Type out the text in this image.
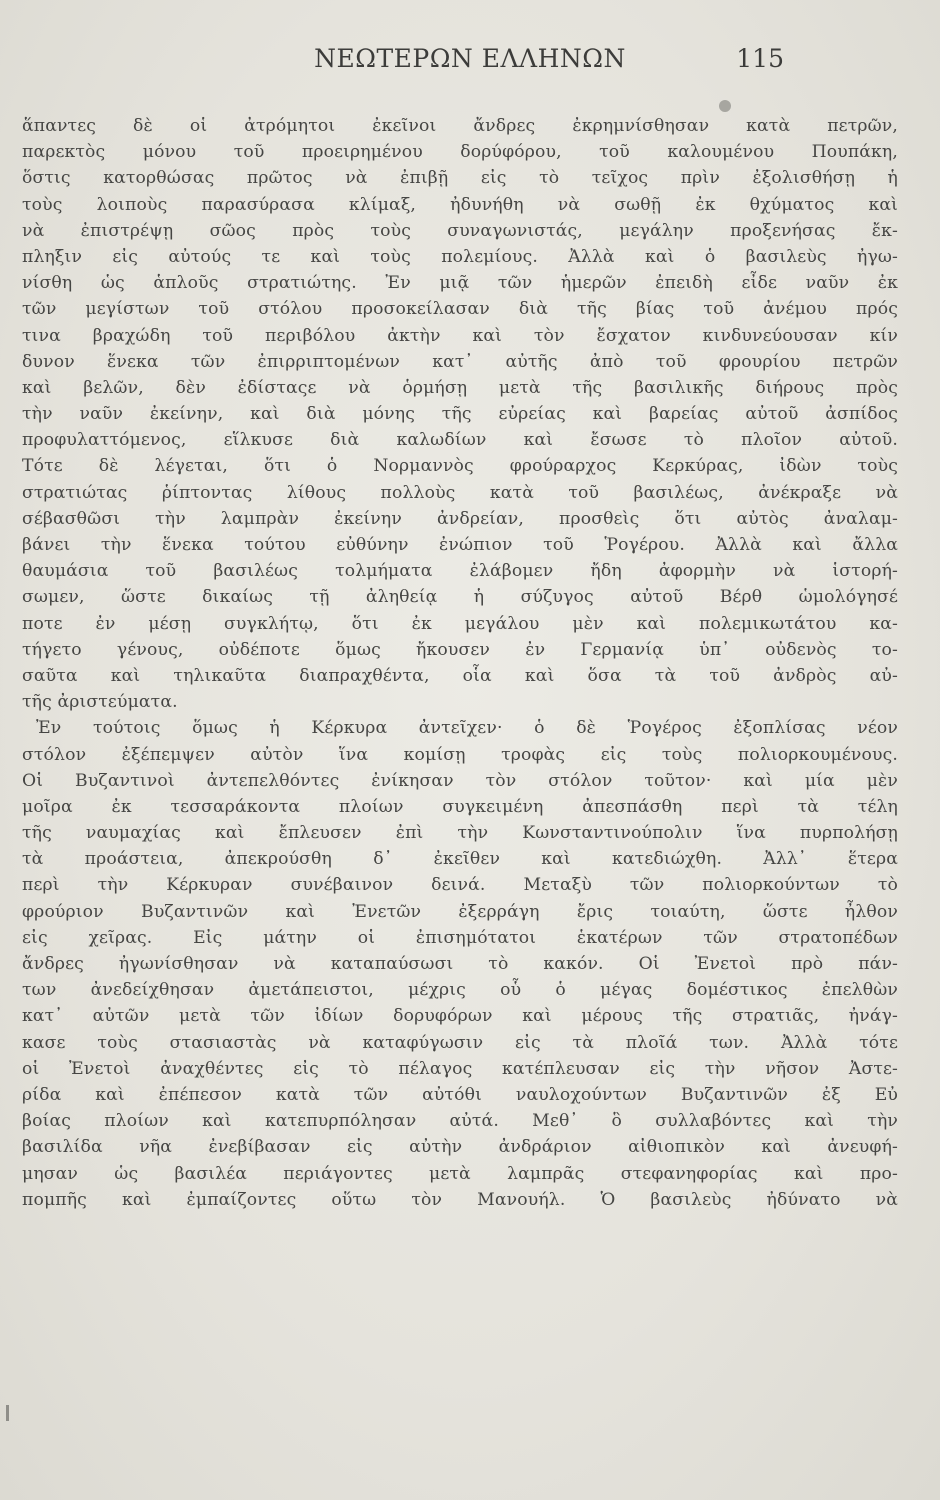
ΝΕΩΤΕΡΩΝ ΕΛΛΗΝΩΝ	115
ἅπαντες δὲ οἱ ἀτρόμητοι ἐκεῖνοι ἄνδρες ἐκρημνίσθησαν κατὰ πετρῶν,
παρεκτὸς μόνου τοῦ προειρημένου δορύφόρου, τοῦ καλουμένου Πουπάκη,
ὅστις κατορθώσας πρῶτος νὰ ἐπιβῇ εἰς τὸ τεῖχος πρὶν ἐξολισθήσῃ ἡ
τοὺς λοιποὺς παρασύρασα κλίμαξ, ἠδυνήθη νὰ σωθῇ ἐκ θχύματος καὶ
νὰ ἐπιστρέψῃ σῶος πρὸς τοὺς συναγωνιστάς, μεγάλην προξενήσας ἔκ-
πληξιν εἰς αὐτούς τε καὶ τοὺς πολεμίους. Ἀλλὰ καὶ ὁ βασιλεὺς ἠγω-
νίσθη ὡς ἁπλοῦς στρατιώτης. Ἐν μιᾷ τῶν ἡμερῶν ἐπειδὴ εἶδε ναῦν ἐκ
τῶν μεγίστων τοῦ στόλου προσοκείλασαν διὰ τῆς βίας τοῦ ἀνέμου πρός
τινα βραχώδη τοῦ περιβόλου ἀκτὴν καὶ τὸν ἔσχατον κινδυνεύουσαν κίν
δυνον ἕνεκα τῶν ἐπιρριπτομένων κατ᾽ αὐτῆς ἀπὸ τοῦ φρουρίου πετρῶν
καὶ βελῶν, δὲν ἐδίσταςε νὰ ὁρμήσῃ μετὰ τῆς βασιλικῆς διήρους πρὸς
τὴν ναῦν ἐκείνην, καὶ διὰ μόνης τῆς εὐρείας καὶ βαρείας αὐτοῦ ἀσπίδος
προφυλαττόμενος, εἵλκυσε διὰ καλωδίων καὶ ἔσωσε τὸ πλοῖον αὐτοῦ.
Τότε δὲ λέγεται, ὅτι ὁ Νορμαννὸς φρούραρχος Κερκύρας, ἰδὼν τοὺς
στρατιώτας ῥίπτοντας λίθους πολλοὺς κατὰ τοῦ βασιλέως, ἀνέκραξε νὰ
σέβασθῶσι τὴν λαμπρὰν ἐκείνην ἀνδρείαν, προσθεὶς ὅτι αὐτὸς ἀναλαμ-
βάνει τὴν ἕνεκα τούτου εὐθύνην ἐνώπιον τοῦ Ῥογέρου. Ἀλλὰ καὶ ἄλλα
θαυμάσια τοῦ βασιλέως τολμήματα ἐλάβομεν ἤδη ἀφορμὴν νὰ ἱστορή-
σωμεν, ὥστε δικαίως τῇ ἀληθείᾳ ἡ σύζυγος αὐτοῦ Βέρθ ὡμολόγησέ
ποτε ἐν μέσῃ συγκλήτῳ, ὅτι ἐκ μεγάλου μὲν καὶ πολεμικωτάτου κα-
τήγετο γένους, οὐδέποτε ὅμως ἤκουσεν ἐν Γερμανίᾳ ὑπ᾽ οὐδενὸς το-
σαῦτα καὶ τηλικαῦτα διαπραχθέντα, οἷα καὶ ὅσα τὰ τοῦ ἀνδρὸς αὐ-
τῆς ἀριστεύματα.
Ἐν τούτοις ὅμως ἡ Κέρκυρα ἀντεῖχεν· ὁ δὲ Ῥογέρος ἐξοπλίσας νέον
στόλον ἐξέπεμψεν αὐτὸν ἵνα κομίσῃ τροφὰς εἰς τοὺς πολιορκουμένους.
Οἱ Βυζαντινοὶ ἀντεπελθόντες ἐνίκησαν τὸν στόλον τοῦτον· καὶ μία μὲν
μοῖρα ἐκ τεσσαράκοντα πλοίων συγκειμένη ἀπεσπάσθη περὶ τὰ τέλη
τῆς ναυμαχίας καὶ ἔπλευσεν ἐπὶ τὴν Κωνσταντινούπολιν ἵνα πυρπολήσῃ
τὰ προάστεια, ἀπεκρούσθη δ᾽ ἐκεῖθεν καὶ κατεδιώχθη. Ἀλλ᾽ ἕτερα
περὶ τὴν Κέρκυραν συνέβαινον δεινά. Μεταξὺ τῶν πολιορκούντων τὸ
φρούριον Βυζαντινῶν καὶ Ἐνετῶν ἐξερράγη ἔρις τοιαύτη, ὥστε ἦλθον
εἰς χεῖρας. Εἰς μάτην οἱ ἐπισημότατοι ἑκατέρων τῶν στρατοπέδων
ἄνδρες ἠγωνίσθησαν νὰ καταπαύσωσι τὸ κακόν. Οἱ Ἐνετοὶ πρὸ πάν-
των ἀνεδείχθησαν ἀμετάπειστοι, μέχρις οὗ ὁ μέγας δομέστικος ἐπελθὼν
κατ᾽ αὐτῶν μετὰ τῶν ἰδίων δορυφόρων καὶ μέρους τῆς στρατιᾶς, ἠνάγ-
κασε τοὺς στασιαστὰς νὰ καταφύγωσιν εἰς τὰ πλοῖά των. Ἀλλὰ τότε
οἱ Ἐνετοὶ ἀναχθέντες εἰς τὸ πέλαγος κατέπλευσαν εἰς τὴν νῆσον Ἀστε-
ρίδα καὶ ἐπέπεσον κατὰ τῶν αὐτόθι ναυλοχούντων Βυζαντινῶν ἐξ Εὐ
βοίας πλοίων καὶ κατεπυρπόλησαν αὐτά. Μεθ᾽ ὃ συλλαβόντες καὶ τὴν
βασιλίδα νῆα ἐνεβίβασαν εἰς αὐτὴν ἀνδράριον αἰθιοπικὸν καὶ ἀνευφή-
μησαν ὡς βασιλέα περιάγοντες μετὰ λαμπρᾶς στεφανηφορίας καὶ προ-
πομπῆς καὶ ἐμπαίζοντες οὕτω τὸν Μανουήλ. Ὁ βασιλεὺς ἠδύνατο νὰ
